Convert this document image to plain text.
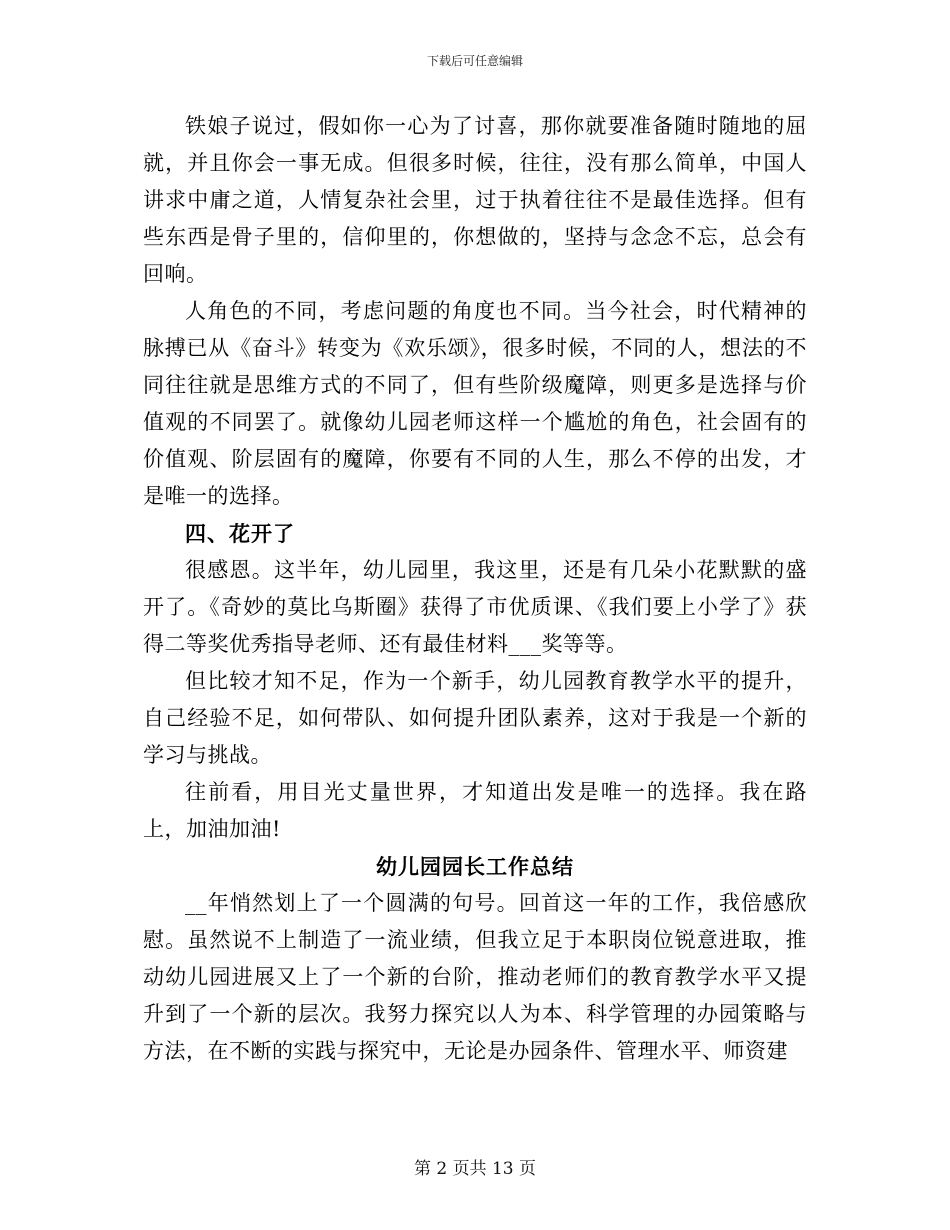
下载后可任意编辑

铁娘子说过，假如你一心为了讨喜，那你就要准备随时随地的屈就，并且你会一事无成。但很多时候，往往，没有那么简单，中国人讲求中庸之道，人情复杂社会里，过于执着往往不是最佳选择。但有些东西是骨子里的，信仰里的，你想做的，坚持与念念不忘，总会有回响。

人角色的不同，考虑问题的角度也不同。当今社会，时代精神的脉搏已从《奋斗》转变为《欢乐颂》，很多时候，不同的人，想法的不同往往就是思维方式的不同了，但有些阶级魔障，则更多是选择与价值观的不同罢了。就像幼儿园老师这样一个尴尬的角色，社会固有的价值观、阶层固有的魔障，你要有不同的人生，那么不停的出发，才是唯一的选择。

四、花开了

很感恩。这半年，幼儿园里，我这里，还是有几朵小花默默的盛开了。《奇妙的莫比乌斯圈》获得了市优质课、《我们要上小学了》获得二等奖优秀指导老师、还有最佳材料___奖等等。

但比较才知不足，作为一个新手，幼儿园教育教学水平的提升，自己经验不足，如何带队、如何提升团队素养，这对于我是一个新的学习与挑战。

往前看，用目光丈量世界，才知道出发是唯一的选择。我在路上，加油加油!

幼儿园园长工作总结

__年悄然划上了一个圆满的句号。回首这一年的工作，我倍感欣慰。虽然说不上制造了一流业绩，但我立足于本职岗位锐意进取，推动幼儿园进展又上了一个新的台阶，推动老师们的教育教学水平又提升到了一个新的层次。我努力探究以人为本、科学管理的办园策略与方法，在不断的实践与探究中，无论是办园条件、管理水平、师资建

第 2 页共 13 页
